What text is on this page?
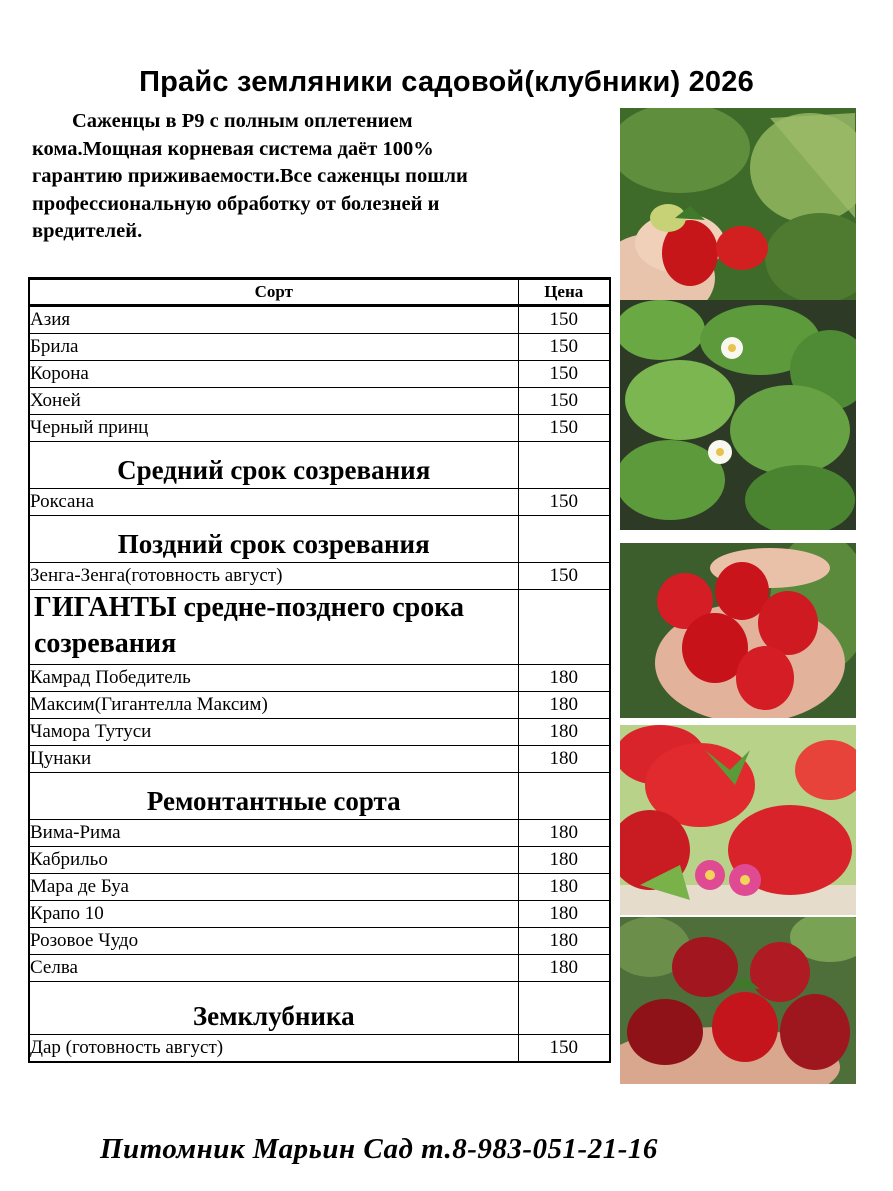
Прайс земляники садовой(клубники) 2026
Саженцы в Р9 с полным оплетением кома.Мощная корневая система даёт 100% гарантию приживаемости.Все саженцы пошли профессиональную обработку от болезней и вредителей.
Сорт	Цена
Азия	150
Брила	150
Корона	150
Хоней	150
Черный принц	150
Средний срок созревания	
Роксана	150
Поздний срок созревания	
Зенга-Зенга(готовность август)	150
ГИГАНТЫ средне-позднего срока созревания	
Камрад Победитель	180
Максим(Гигантелла Максим)	180
Чамора Тутуси	180
Цунаки	180
Ремонтантные сорта	
Вима-Рима	180
Кабрильо	180
Мара де Буа	180
Крапо 10	180
Розовое Чудо	180
Селва	180
Земклубника	
Дар (готовность август)	150
Питомник Марьин Сад т.8-983-051-21-16
